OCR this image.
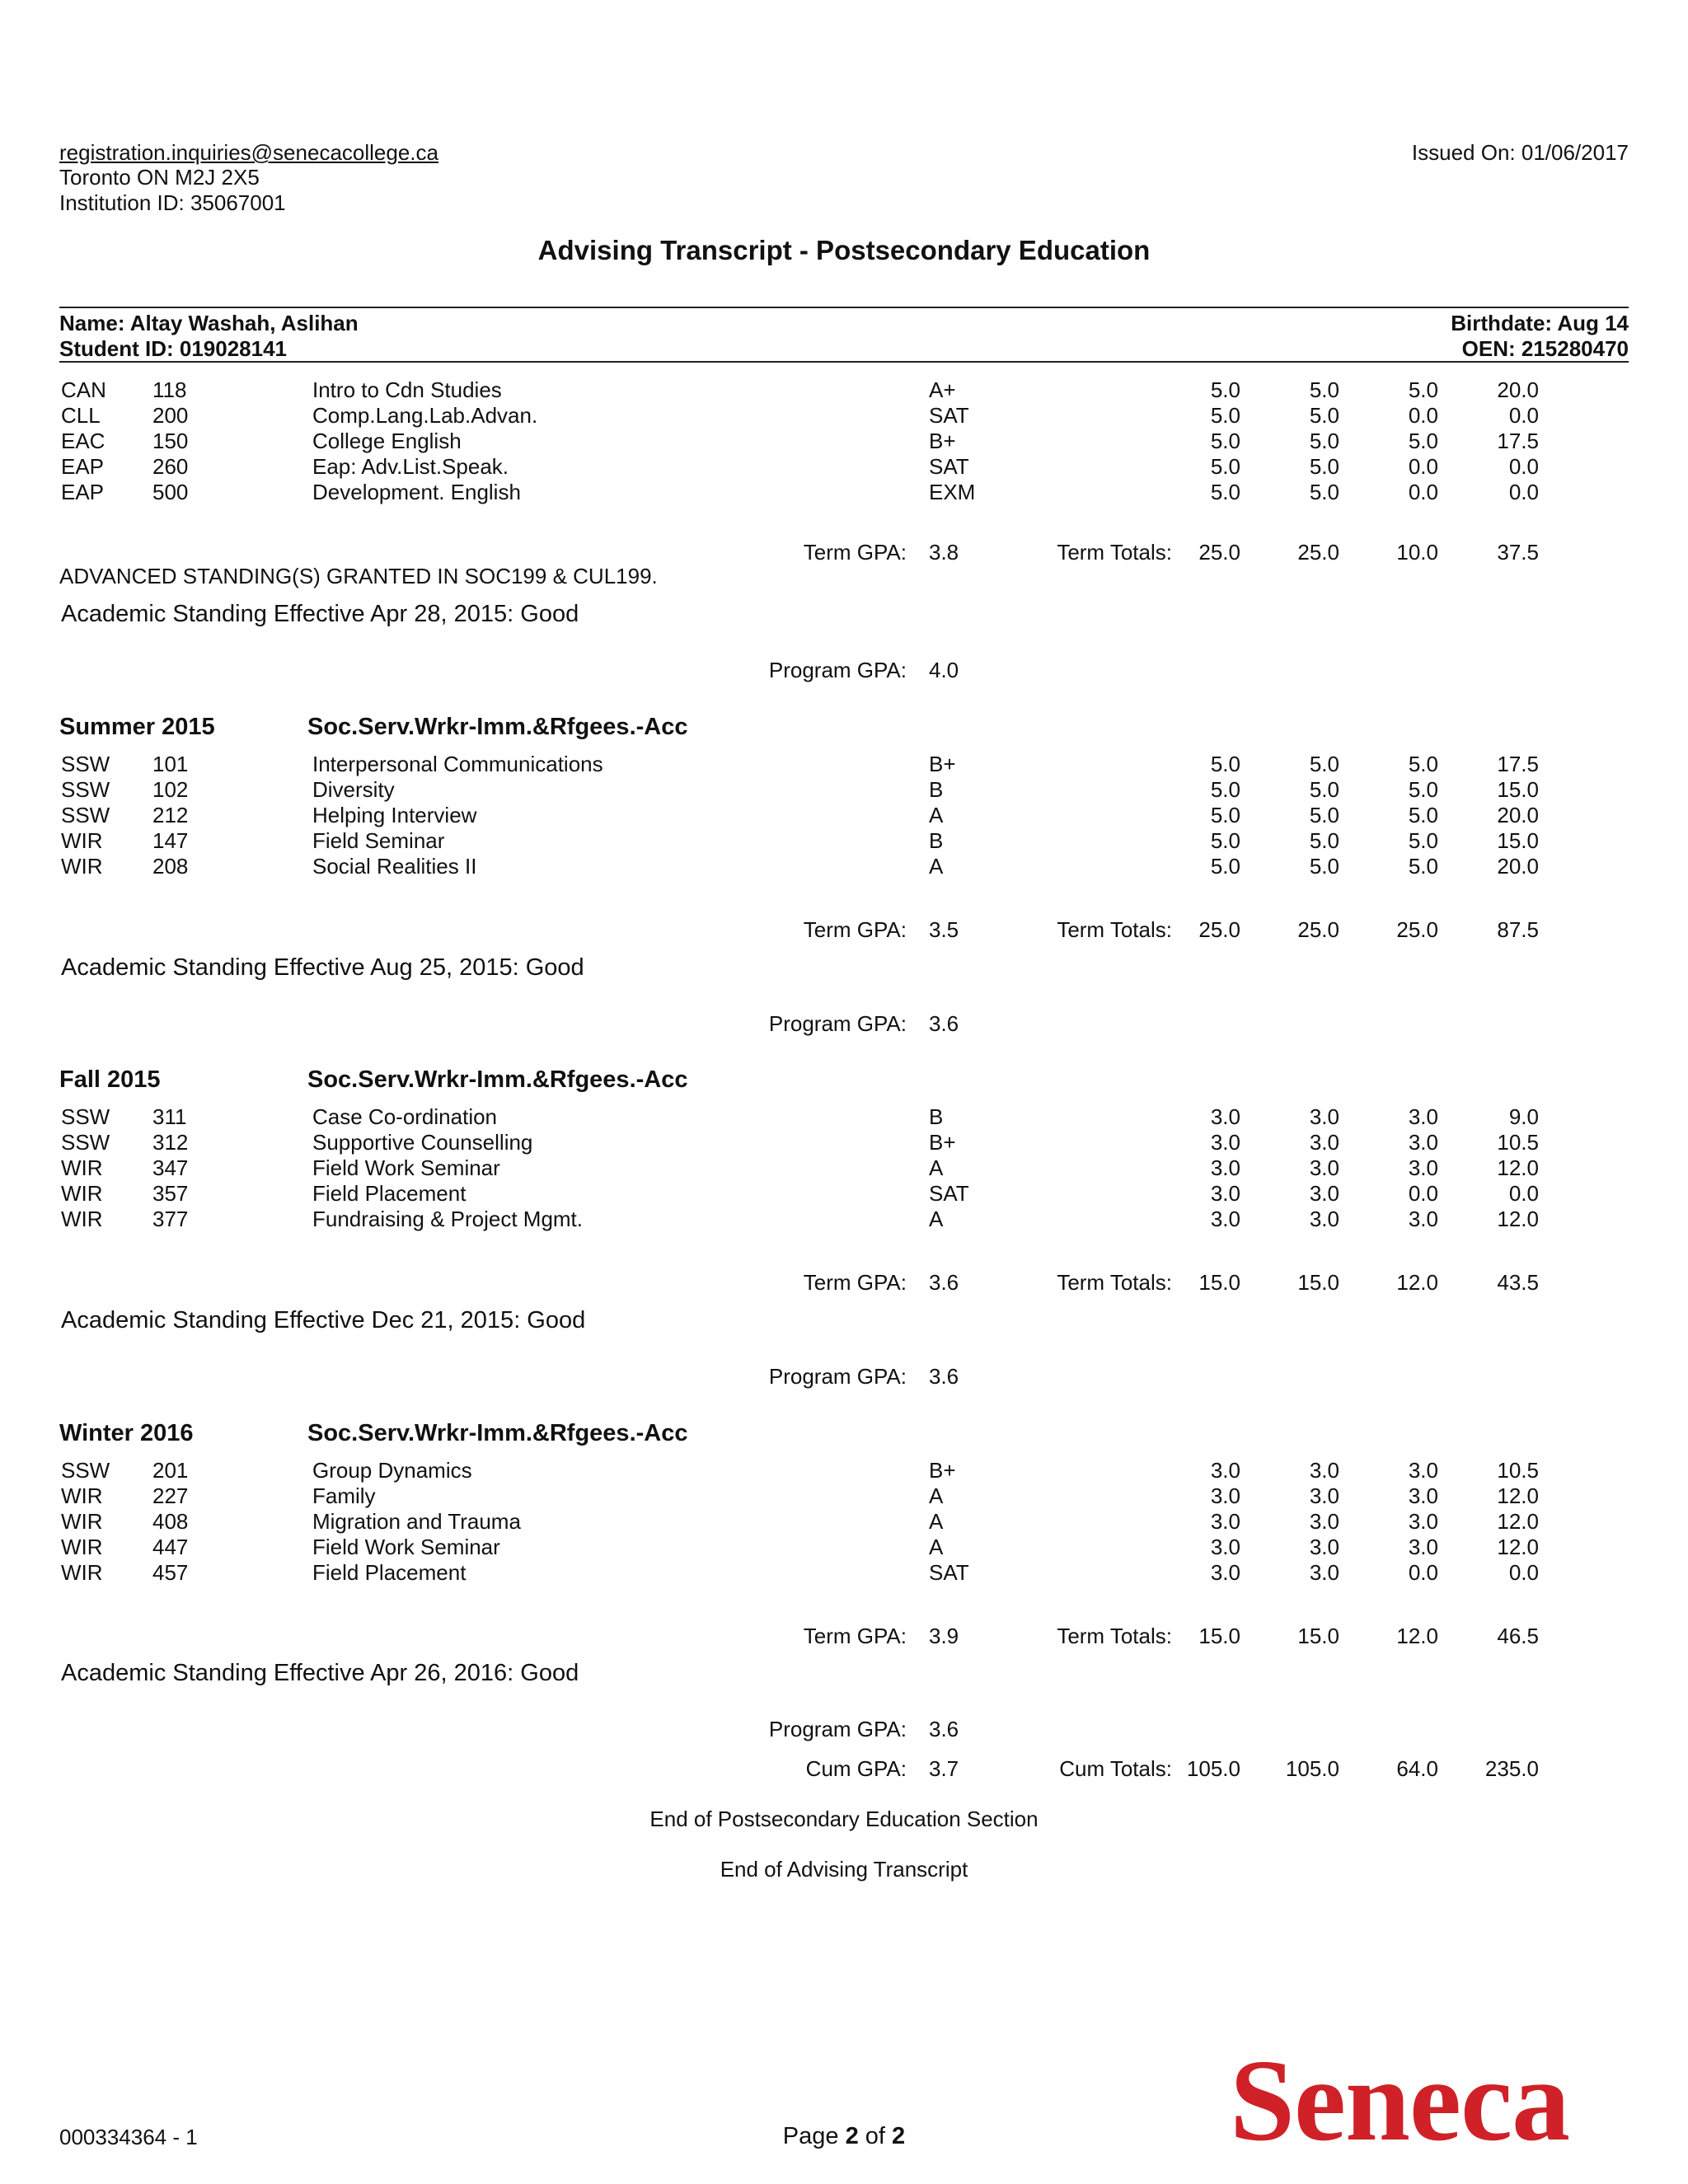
registration.inquiries@senecacollege.ca
Toronto ON M2J 2X5
Institution ID: 35067001
Issued On: 01/06/2017
Advising Transcript - Postsecondary Education
Name: Altay Washah, Aslihan
Student ID: 019028141
Birthdate: Aug 14
OEN: 215280470
CAN 118	Intro to Cdn Studies	A+	5.0	5.0	5.0	20.0
CLL 200	Comp.Lang.Lab.Advan.	SAT	5.0	5.0	0.0	0.0
EAC 150	College English	B+	5.0	5.0	5.0	17.5
EAP 260	Eap: Adv.List.Speak.	SAT	5.0	5.0	0.0	0.0
EAP 500	Development. English	EXM	5.0	5.0	0.0	0.0
Term GPA: 3.8	Term Totals:	25.0	25.0	10.0	37.5
ADVANCED STANDING(S) GRANTED IN SOC199 & CUL199.
Academic Standing Effective Apr 28, 2015: Good
Program GPA: 4.0
Summer 2015	Soc.Serv.Wrkr-Imm.&Rfgees.-Acc
SSW 101	Interpersonal Communications	B+	5.0	5.0	5.0	17.5
SSW 102	Diversity	B	5.0	5.0	5.0	15.0
SSW 212	Helping Interview	A	5.0	5.0	5.0	20.0
WIR 147	Field Seminar	B	5.0	5.0	5.0	15.0
WIR 208	Social Realities II	A	5.0	5.0	5.0	20.0
Term GPA: 3.5	Term Totals:	25.0	25.0	25.0	87.5
Academic Standing Effective Aug 25, 2015: Good
Program GPA: 3.6
Fall 2015	Soc.Serv.Wrkr-Imm.&Rfgees.-Acc
SSW 311	Case Co-ordination	B	3.0	3.0	3.0	9.0
SSW 312	Supportive Counselling	B+	3.0	3.0	3.0	10.5
WIR 347	Field Work Seminar	A	3.0	3.0	3.0	12.0
WIR 357	Field Placement	SAT	3.0	3.0	0.0	0.0
WIR 377	Fundraising & Project Mgmt.	A	3.0	3.0	3.0	12.0
Term GPA: 3.6	Term Totals:	15.0	15.0	12.0	43.5
Academic Standing Effective Dec 21, 2015: Good
Program GPA: 3.6
Winter 2016	Soc.Serv.Wrkr-Imm.&Rfgees.-Acc
SSW 201	Group Dynamics	B+	3.0	3.0	3.0	10.5
WIR 227	Family	A	3.0	3.0	3.0	12.0
WIR 408	Migration and Trauma	A	3.0	3.0	3.0	12.0
WIR 447	Field Work Seminar	A	3.0	3.0	3.0	12.0
WIR 457	Field Placement	SAT	3.0	3.0	0.0	0.0
Term GPA: 3.9	Term Totals:	15.0	15.0	12.0	46.5
Academic Standing Effective Apr 26, 2016: Good
Program GPA: 3.6
Cum GPA: 3.7	Cum Totals: 105.0	105.0	64.0	235.0
End of Postsecondary Education Section
End of Advising Transcript
000334364 - 1	Page 2 of 2	Seneca
